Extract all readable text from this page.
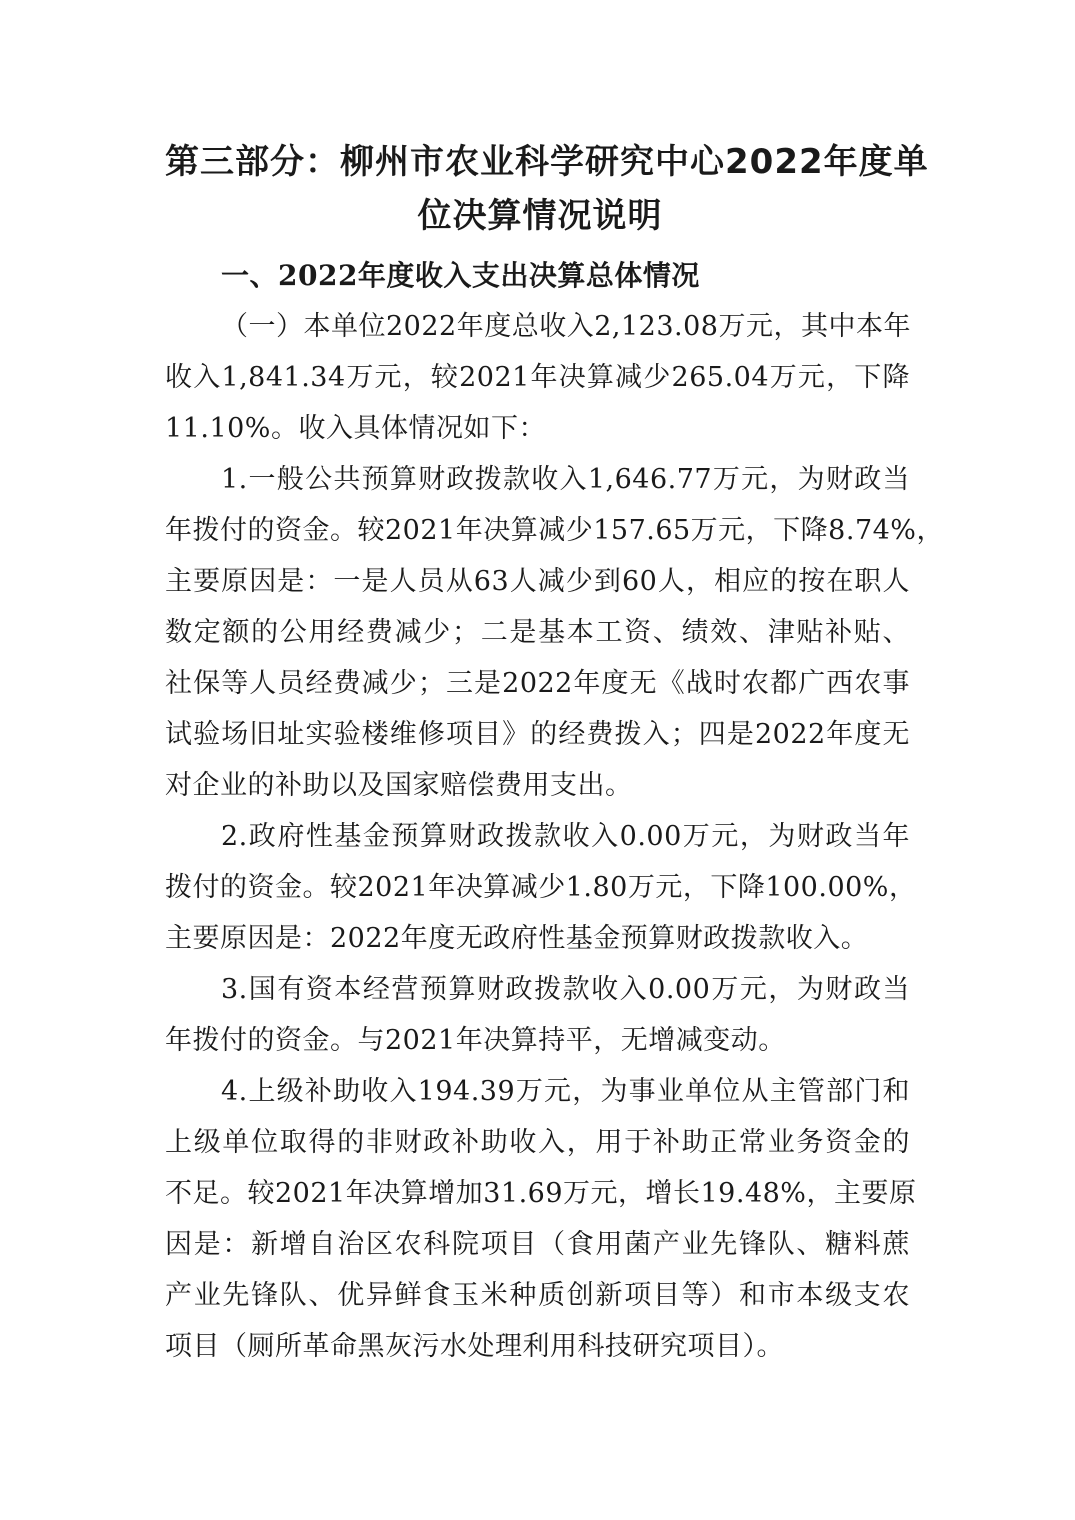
第三部分：柳州市农业科学研究中心2022年度单
位决算情况说明
一、2022年度收入支出决算总体情况
（一）本单位2022年度总收入2,123.08万元，其中本年
收入1,841.34万元，较2021年决算减少265.04万元，下降
11.10%。收入具体情况如下：
1.一般公共预算财政拨款收入1,646.77万元，为财政当
年拨付的资金。较2021年决算减少157.65万元，下降8.74%，
主要原因是：一是人员从63人减少到60人，相应的按在职人
数定额的公用经费减少；二是基本工资、绩效、津贴补贴、
社保等人员经费减少；三是2022年度无《战时农都广西农事
试验场旧址实验楼维修项目》的经费拨入；四是2022年度无
对企业的补助以及国家赔偿费用支出。
2.政府性基金预算财政拨款收入0.00万元，为财政当年
拨付的资金。较2021年决算减少1.80万元，下降100.00%，
主要原因是：2022年度无政府性基金预算财政拨款收入。
3.国有资本经营预算财政拨款收入0.00万元，为财政当
年拨付的资金。与2021年决算持平，无增减变动。
4.上级补助收入194.39万元，为事业单位从主管部门和
上级单位取得的非财政补助收入，用于补助正常业务资金的
不足。较2021年决算增加31.69万元，增长19.48%，主要原
因是：新增自治区农科院项目（食用菌产业先锋队、糖料蔗
产业先锋队、优异鲜食玉米种质创新项目等）和市本级支农
项目（厕所革命黑灰污水处理利用科技研究项目）。
